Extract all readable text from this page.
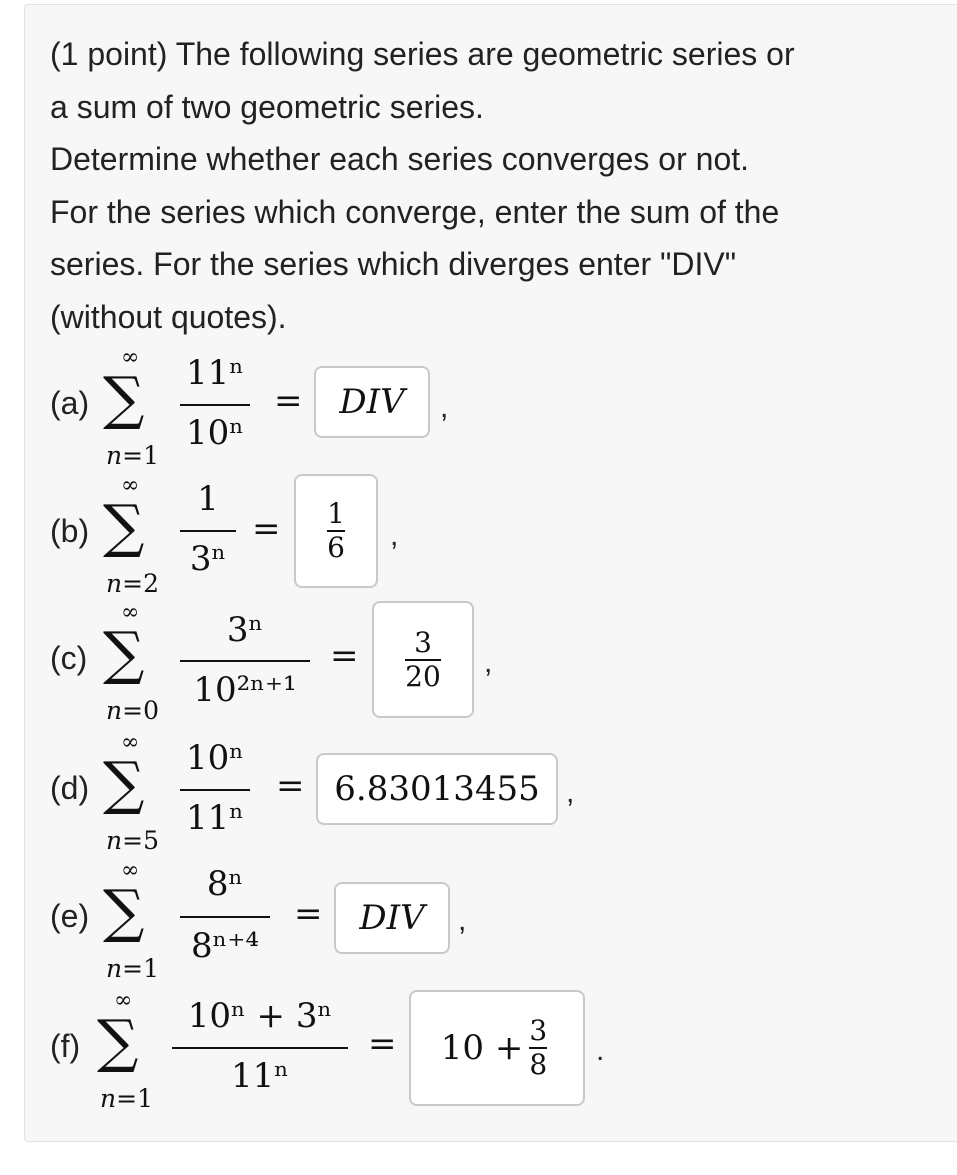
(1 point) The following series are geometric series or
a sum of two geometric series.
Determine whether each series converges or not.
For the series which converge, enter the sum of the
series. For the series which diverges enter "DIV"
(without quotes).

(a)
∞
∑
n=1
11ⁿ
10ⁿ
= DIV ,
(b)
∞
∑
n=2
1
3ⁿ
= $\frac{1}{6}$ ,
(c)
∞
∑
n=0
3ⁿ
10²ⁿ⁺¹
= $\frac{3}{20}$ ,
(d)
∞
∑
n=5
10ⁿ
11ⁿ
= 6.83013455 ,
(e)
∞
∑
n=1
8ⁿ
8ⁿ⁺⁴
= DIV ,
(f)
∞
∑
n=1
10ⁿ + 3ⁿ
11ⁿ
= $10 + \frac{3}{8}$ .
